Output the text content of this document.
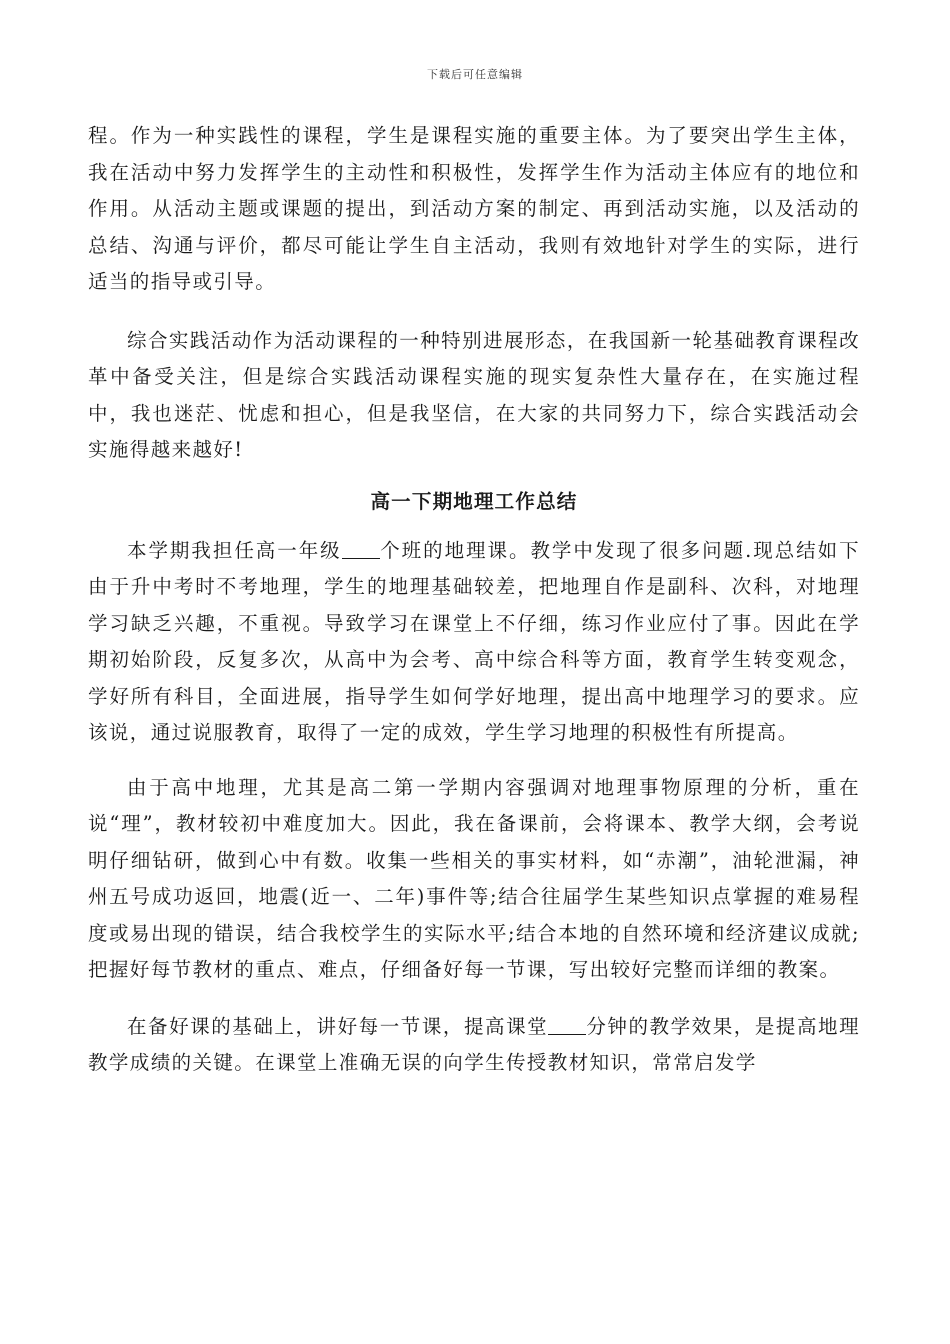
下载后可任意编辑

程。作为一种实践性的课程，学生是课程实施的重要主体。为了要突出学生主体，我在活动中努力发挥学生的主动性和积极性，发挥学生作为活动主体应有的地位和作用。从活动主题或课题的提出，到活动方案的制定、再到活动实施，以及活动的总结、沟通与评价，都尽可能让学生自主活动，我则有效地针对学生的实际，进行适当的指导或引导。

综合实践活动作为活动课程的一种特别进展形态，在我国新一轮基础教育课程改革中备受关注，但是综合实践活动课程实施的现实复杂性大量存在，在实施过程中，我也迷茫、忧虑和担心，但是我坚信，在大家的共同努力下，综合实践活动会实施得越来越好!

高一下期地理工作总结

本学期我担任高一年级 个班的地理课。教学中发现了很多问题.现总结如下 由于升中考时不考地理，学生的地理基础较差，把地理自作是副科、次科，对地理学习缺乏兴趣，不重视。导致学习在课堂上不仔细，练习作业应付了事。因此在学期初始阶段，反复多次，从高中为会考、高中综合科等方面，教育学生转变观念，学好所有科目，全面进展，指导学生如何学好地理，提出高中地理学习的要求。应该说，通过说服教育，取得了一定的成效，学生学习地理的积极性有所提高。

由于高中地理，尤其是高二第一学期内容强调对地理事物原理的分析，重在说“理”，教材较初中难度加大。因此，我在备课前，会将课本、教学大纲，会考说明仔细钻研，做到心中有数。收集一些相关的事实材料，如“赤潮”，油轮泄漏，神州五号成功返回，地震(近一、二年)事件等;结合往届学生某些知识点掌握的难易程度或易出现的错误，结合我校学生的实际水平;结合本地的自然环境和经济建议成就;把握好每节教材的重点、难点，仔细备好每一节课，写出较好完整而详细的教案。

在备好课的基础上，讲好每一节课，提高课堂 分钟的教学效果，是提高地理教学成绩的关键。在课堂上准确无误的向学生传授教材知识，常常启发学
